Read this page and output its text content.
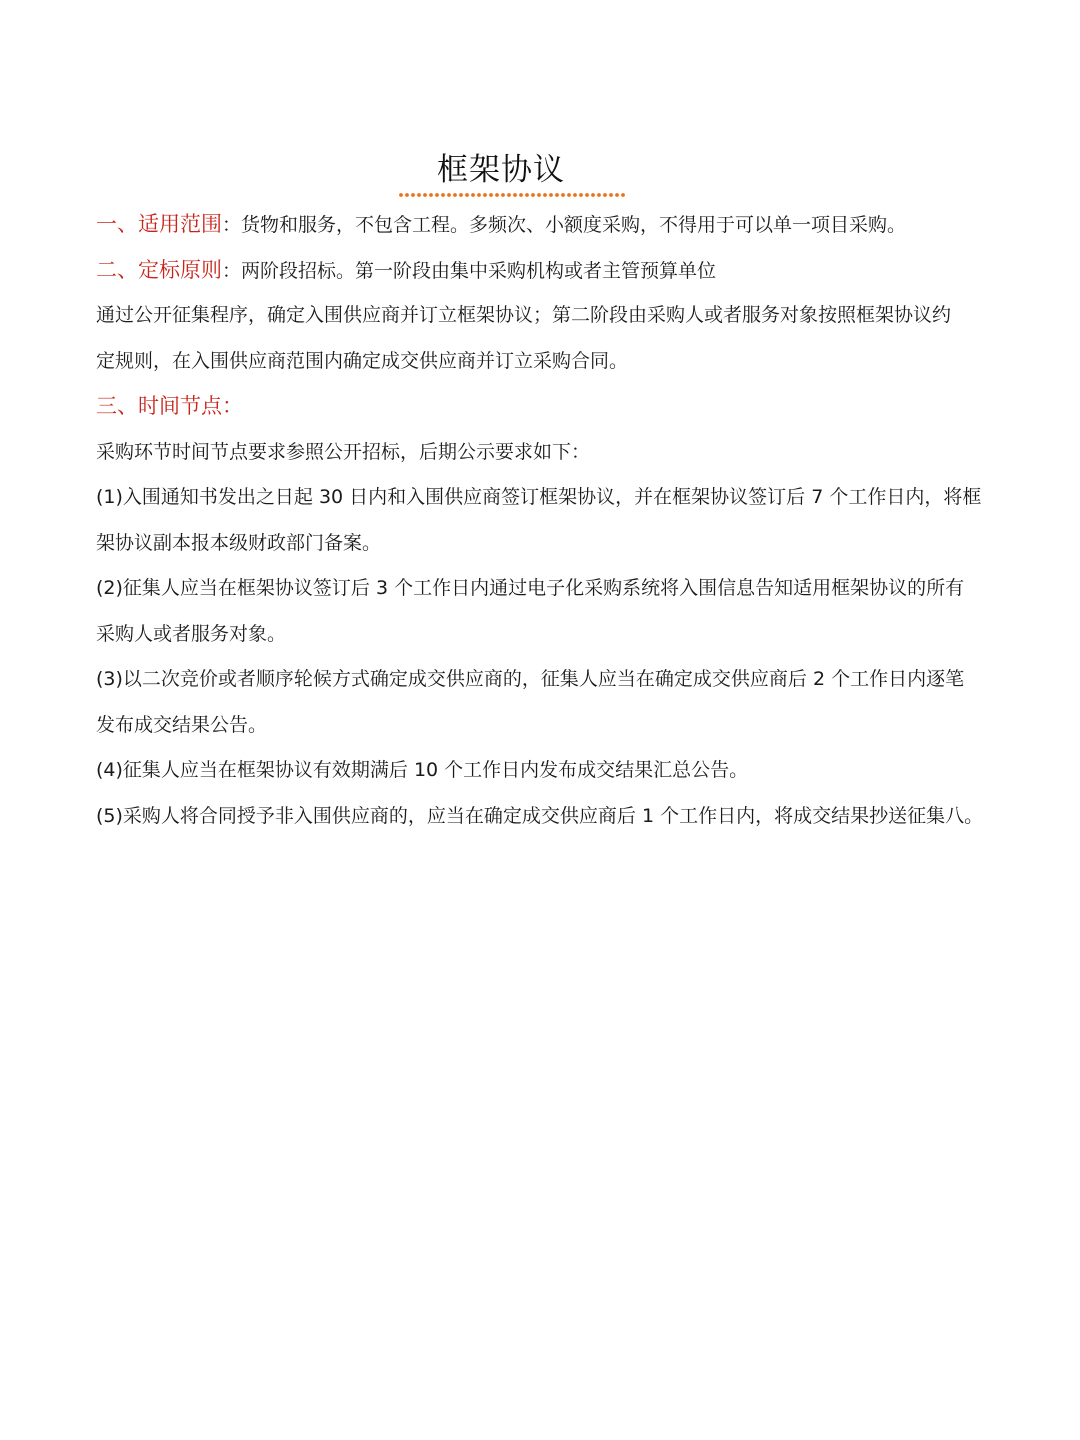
框架协议
一、适用范围：货物和服务，不包含工程。多频次、小额度采购，不得用于可以单一项目采购。
二、定标原则：两阶段招标。第一阶段由集中采购机构或者主管预算单位
通过公开征集程序，确定入围供应商并订立框架协议；第二阶段由采购人或者服务对象按照框架协议约
定规则，在入围供应商范围内确定成交供应商并订立采购合同。
三、时间节点：
采购环节时间节点要求参照公开招标，后期公示要求如下：
(1)入围通知书发出之日起 30 日内和入围供应商签订框架协议，并在框架协议签订后 7 个工作日内，将框
架协议副本报本级财政部门备案。
(2)征集人应当在框架协议签订后 3 个工作日内通过电子化采购系统将入围信息告知适用框架协议的所有
采购人或者服务对象。
(3)以二次竞价或者顺序轮候方式确定成交供应商的，征集人应当在确定成交供应商后 2 个工作日内逐笔
发布成交结果公告。
(4)征集人应当在框架协议有效期满后 10 个工作日内发布成交结果汇总公告。
(5)采购人将合同授予非入围供应商的，应当在确定成交供应商后 1 个工作日内，将成交结果抄送征集八。
